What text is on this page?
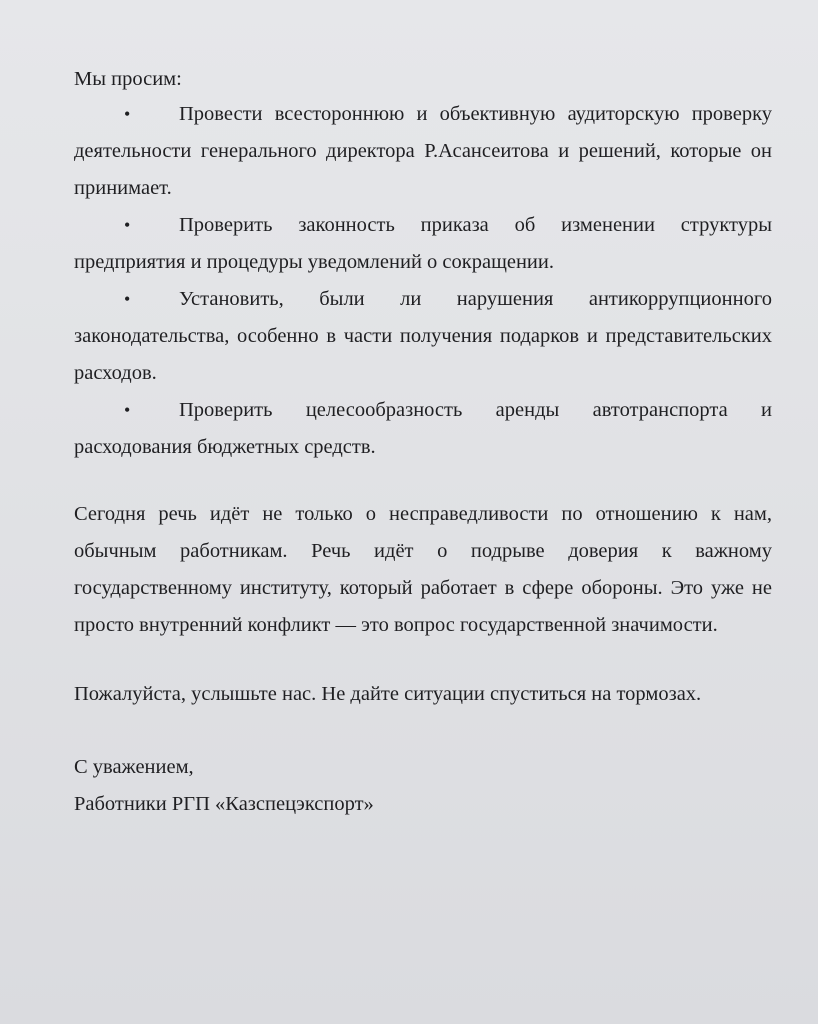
Мы просим:

• Провести всестороннюю и объективную аудиторскую проверку деятельности генерального директора Р.Асансеитова и решений, которые он принимает.
• Проверить законность приказа об изменении структуры предприятия и процедуры уведомлений о сокращении.
• Установить, были ли нарушения антикоррупционного законодательства, особенно в части получения подарков и представительских расходов.
• Проверить целесообразность аренды автотранспорта и расходования бюджетных средств.

Сегодня речь идёт не только о несправедливости по отношению к нам, обычным работникам. Речь идёт о подрыве доверия к важному государственному институту, который работает в сфере обороны. Это уже не просто внутренний конфликт — это вопрос государственной значимости.

Пожалуйста, услышьте нас. Не дайте ситуации спуститься на тормозах.

С уважением,
Работники РГП «Казспецэкспорт»
